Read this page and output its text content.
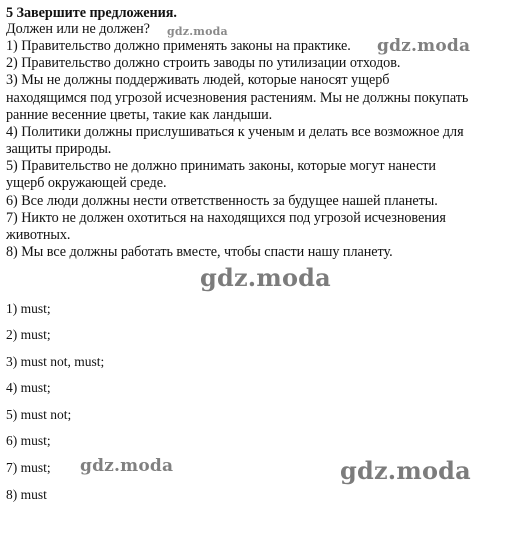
5 Завершите предложения.
Должен или не должен?
1) Правительство должно применять законы на практике.
2) Правительство должно строить заводы по утилизации отходов.
3) Мы не должны поддерживать людей, которые наносят ущерб
находящимся под угрозой исчезновения растениям. Мы не должны покупать
ранние весенние цветы, такие как ландыши.
4) Политики должны прислушиваться к ученым и делать все возможное для
защиты природы.
5) Правительство не должно принимать законы, которые могут нанести
ущерб окружающей среде.
6) Все люди должны нести ответственность за будущее нашей планеты.
7) Никто не должен охотиться на находящихся под угрозой исчезновения
животных.
8) Мы все должны работать вместе, чтобы спасти нашу планету.
1) must;
2) must;
3) must not, must;
4) must;
5) must not;
6) must;
7) must;
8) must
gdz.moda
gdz.moda
gdz.moda
gdz.moda	gdz.moda
